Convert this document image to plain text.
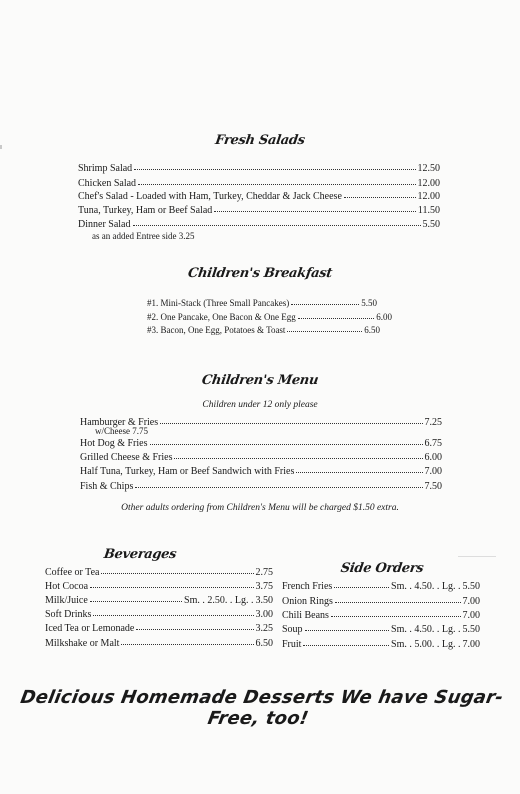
Fresh Salads
Shrimp Salad	12.50
Chicken Salad	12.00
Chef's Salad - Loaded with Ham, Turkey, Cheddar & Jack Cheese	12.00
Tuna, Turkey, Ham or Beef Salad	11.50
Dinner Salad	5.50
as an added Entree side 3.25
Children's Breakfast
#1. Mini-Stack (Three Small Pancakes)	5.50
#2. One Pancake, One Bacon & One Egg	6.00
#3. Bacon, One Egg, Potatoes & Toast	6.50
Children's Menu
Children under 12 only please
Hamburger & Fries	7.25
w/Cheese 7.75
Hot Dog & Fries	6.75
Grilled Cheese & Fries	6.00
Half Tuna, Turkey, Ham or Beef Sandwich with Fries	7.00
Fish & Chips	7.50
Other adults ordering from Children's Menu will be charged $1.50 extra.
Beverages
Coffee or Tea	2.75
Hot Cocoa	3.75
Milk/Juice	Sm. . 2.50. . Lg. . 3.50
Soft Drinks	3.00
Iced Tea or Lemonade	3.25
Milkshake or Malt	6.50
Side Orders
French Fries	Sm. . 4.50. . Lg. . 5.50
Onion Rings	7.00
Chili Beans	7.00
Soup	Sm. . 4.50. . Lg. . 5.50
Fruit	Sm. . 5.00. . Lg. . 7.00
Delicious Homemade Desserts We have Sugar-Free, too!
